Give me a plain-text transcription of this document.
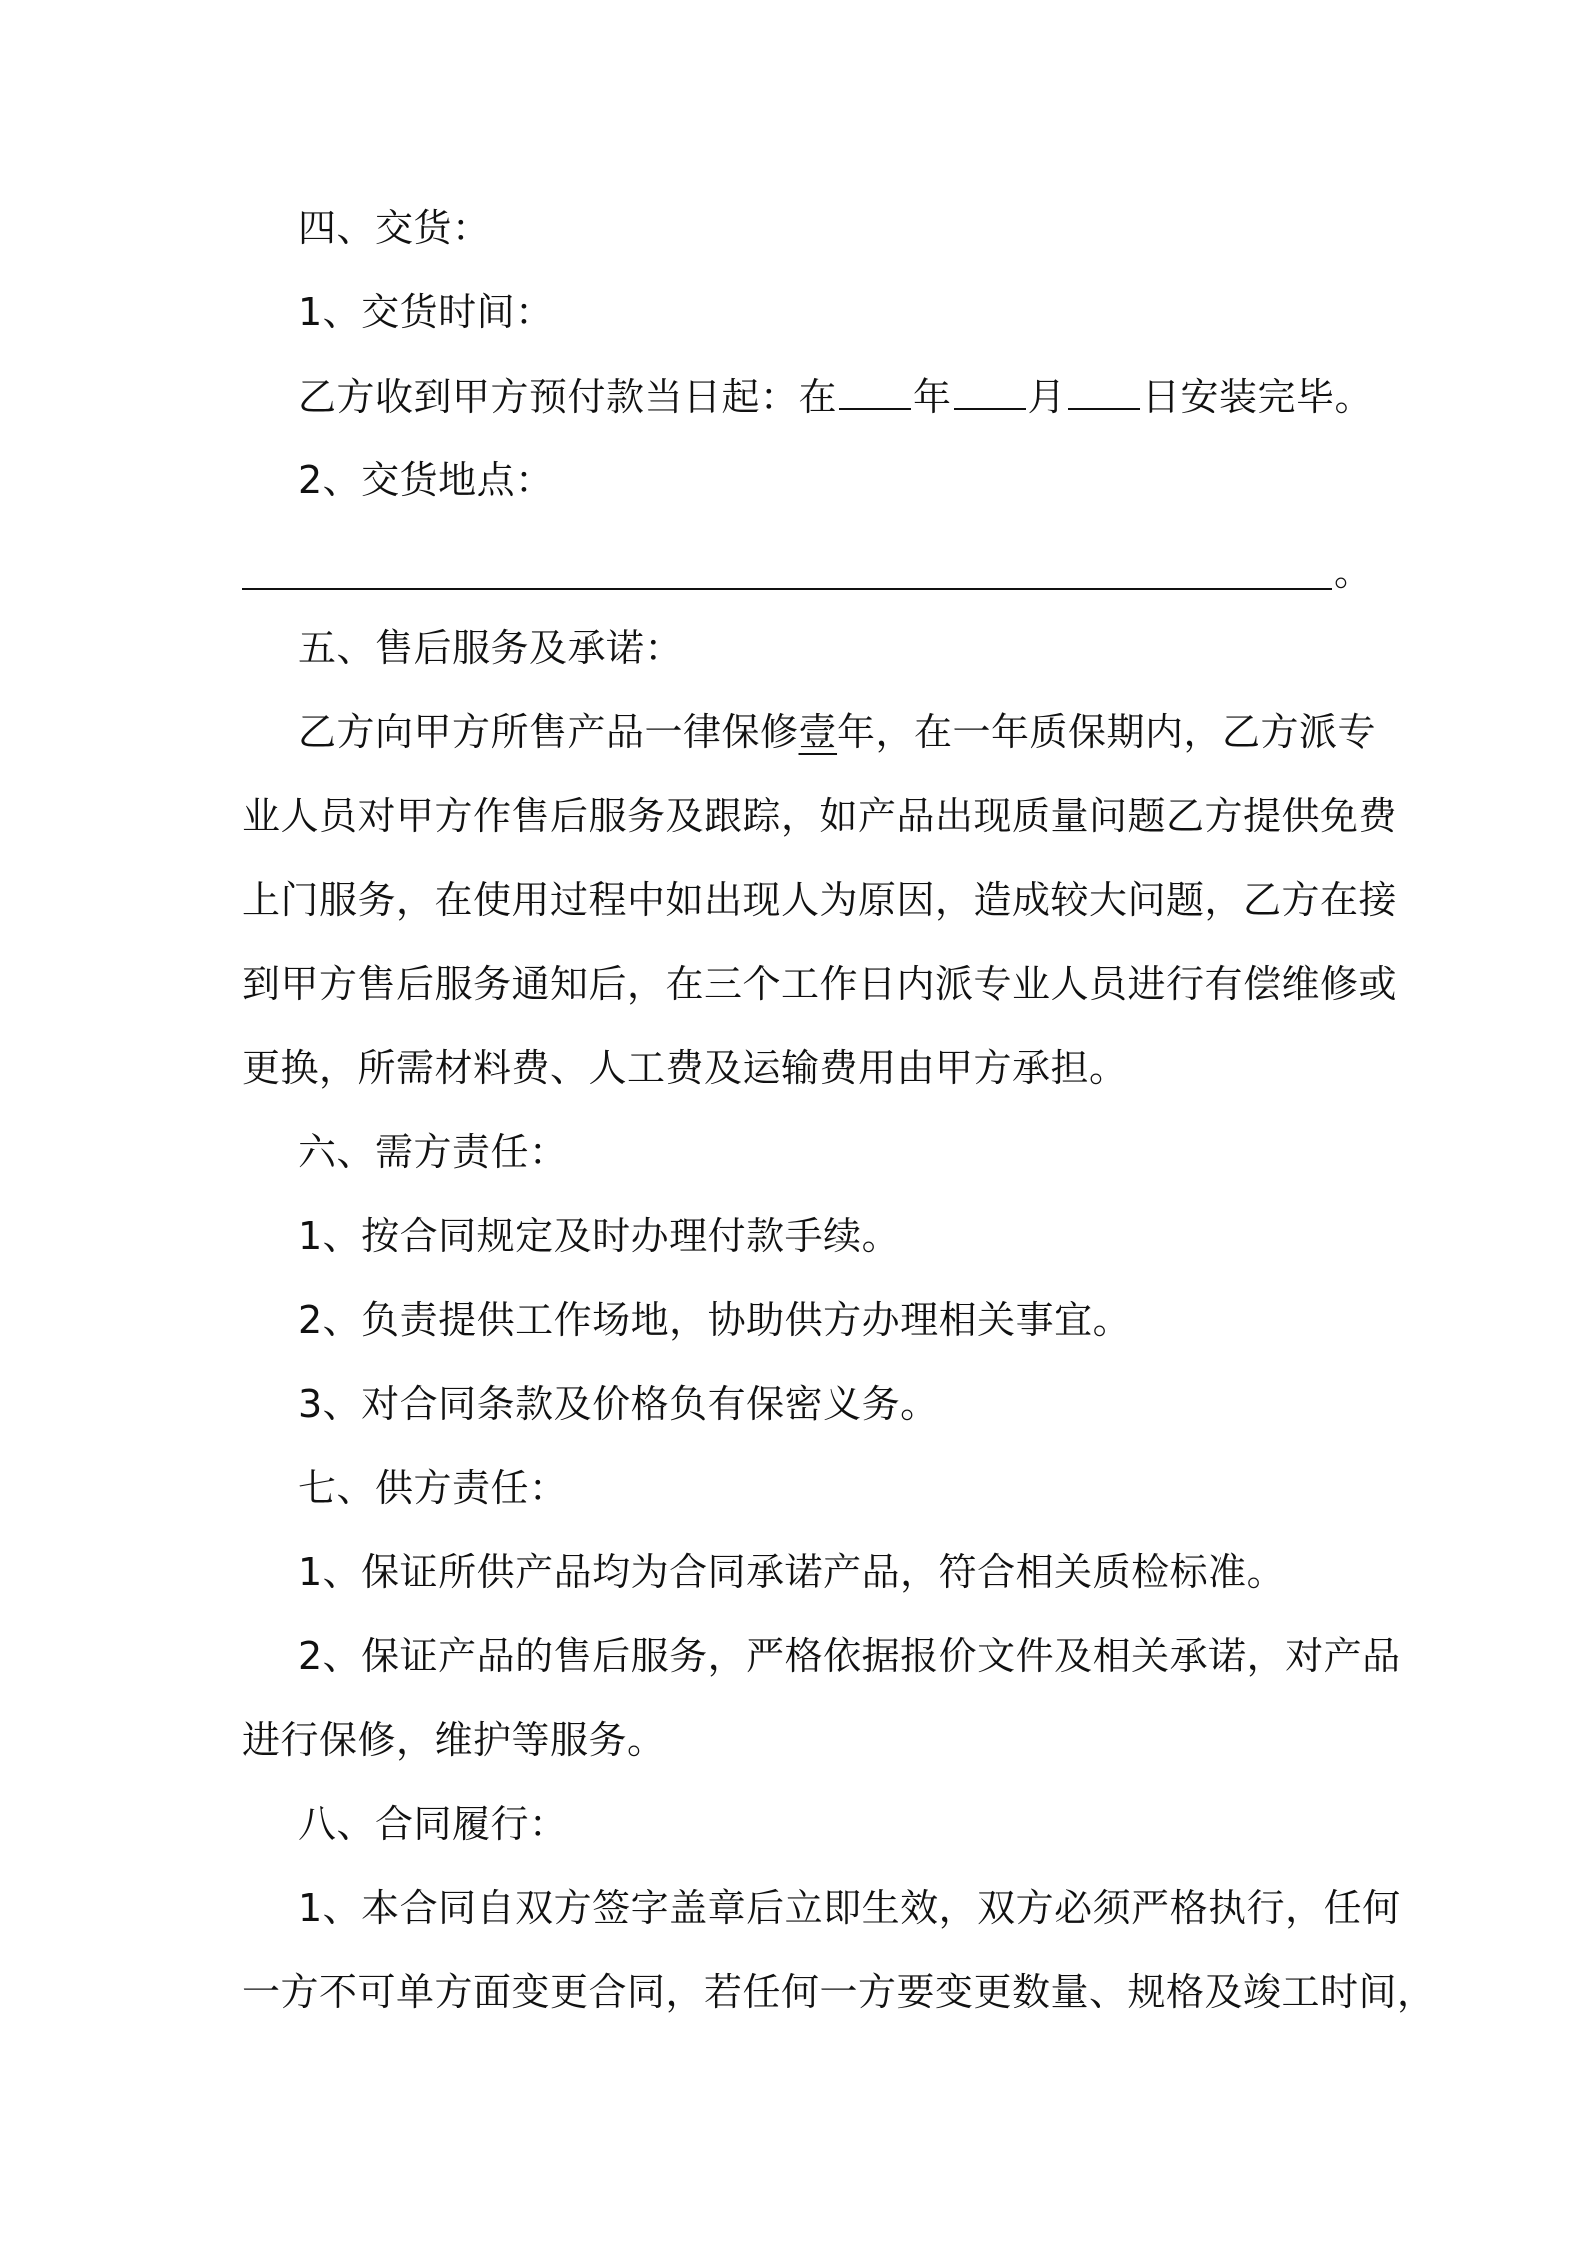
四、交货：
1、交货时间：
乙方收到甲方预付款当日起：在 年 月 日安装完毕。
2、交货地点：
。
五、售后服务及承诺：
乙方向甲方所售产品一律保修壹年，在一年质保期内，乙方派专
业人员对甲方作售后服务及跟踪，如产品出现质量问题乙方提供免费
上门服务，在使用过程中如出现人为原因，造成较大问题，乙方在接
到甲方售后服务通知后，在三个工作日内派专业人员进行有偿维修或
更换，所需材料费、人工费及运输费用由甲方承担。
六、需方责任：
1、按合同规定及时办理付款手续。
2、负责提供工作场地，协助供方办理相关事宜。
3、对合同条款及价格负有保密义务。
七、供方责任：
1、保证所供产品均为合同承诺产品，符合相关质检标准。
2、保证产品的售后服务，严格依据报价文件及相关承诺，对产品
进行保修，维护等服务。
八、合同履行：
1、本合同自双方签字盖章后立即生效，双方必须严格执行，任何
一方不可单方面变更合同，若任何一方要变更数量、规格及竣工时间，
